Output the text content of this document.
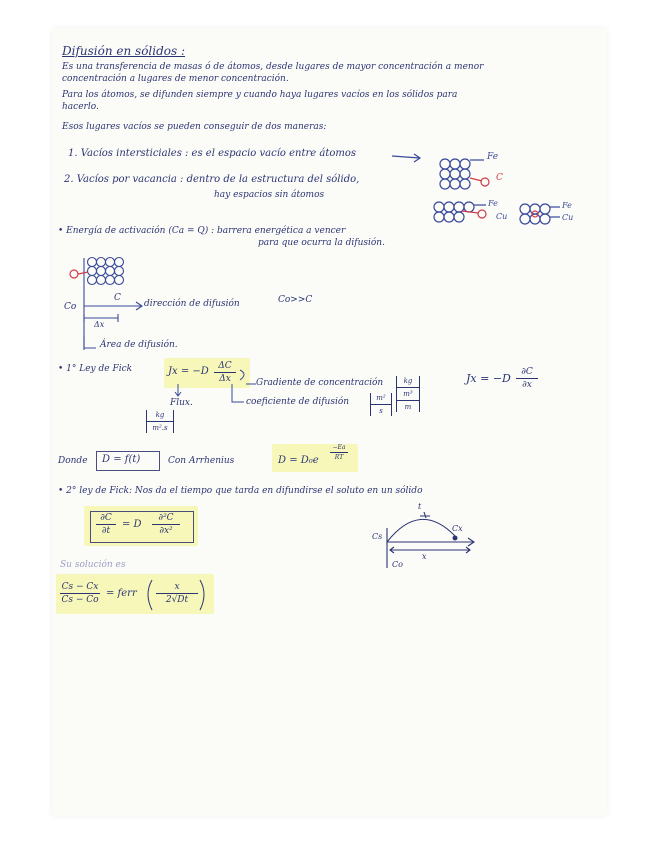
Difusión en sólidos :
Es una transferencia de masas ó de átomos, desde lugares de mayor concentración a menor
concentración a lugares de menor concentración.
Para los átomos, se difunden siempre y cuando haya lugares vacíos en los sólidos para
hacerlo.
Esos lugares vacíos se pueden conseguir de dos maneras:
1. Vacíos intersticiales : es el espacio vacío entre átomos
2. Vacíos por vacancia : dentro de la estructura del sólido,
hay espacios sin átomos
Fe
C
Fe
Cu
Fe
Cu
• Energía de activación (Ca = Q) : barrera energética a vencer
para que ocurra la difusión.
Co
C
dirección de difusión
Δx
Co>>C
Área de difusión.
• 1° Ley de Fick	Jx = −D	ΔC
Δx	Gradiente de concentración	kg
m³
m
Flux.	coeficiente de difusión	m²
s
kg
m².s
Jx = −D	∂C
∂x
Donde D = f(t)	Con Arrhenius	D = D₀e
−Ea
RT
• 2° ley de Fick: Nos da el tiempo que tarda en difundirse el soluto en un sólido
∂C
∂t
= D
∂²C
∂x²
t
Cs
Cx
x
Co
Su solución es
Cs − Cx
Cs − Co
= ferr
x
2√Dt
